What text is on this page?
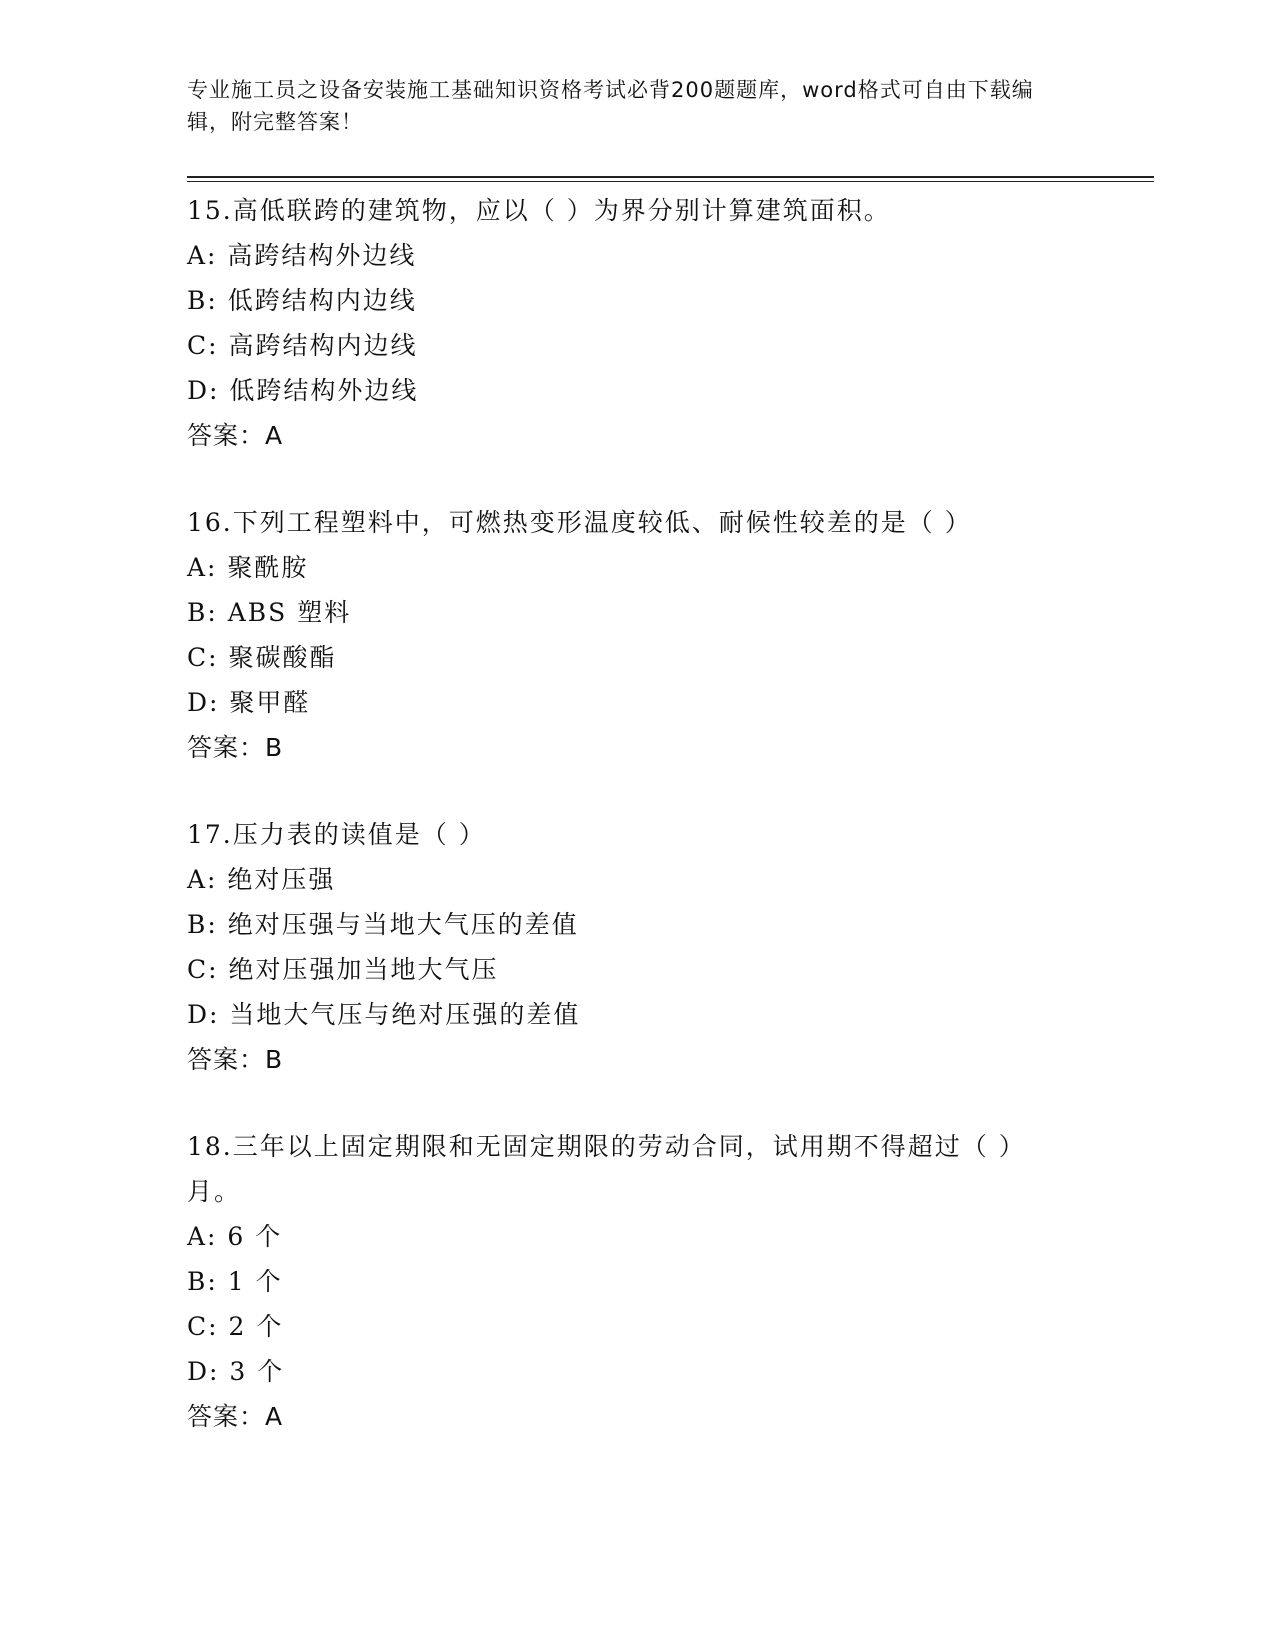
专业施工员之设备安装施工基础知识资格考试必背200题题库，word格式可自由下载编辑，附完整答案！
15.高低联跨的建筑物，应以（ ）为界分别计算建筑面积。
A: 高跨结构外边线
B: 低跨结构内边线
C: 高跨结构内边线
D: 低跨结构外边线
答案：A
16.下列工程塑料中，可燃热变形温度较低、耐候性较差的是（ ）
A: 聚酰胺
B: ABS 塑料
C: 聚碳酸酯
D: 聚甲醛
答案：B
17.压力表的读值是（ ）
A: 绝对压强
B: 绝对压强与当地大气压的差值
C: 绝对压强加当地大气压
D: 当地大气压与绝对压强的差值
答案：B
18.三年以上固定期限和无固定期限的劳动合同，试用期不得超过（ ）月。
A: 6 个
B: 1 个
C: 2 个
D: 3 个
答案：A
